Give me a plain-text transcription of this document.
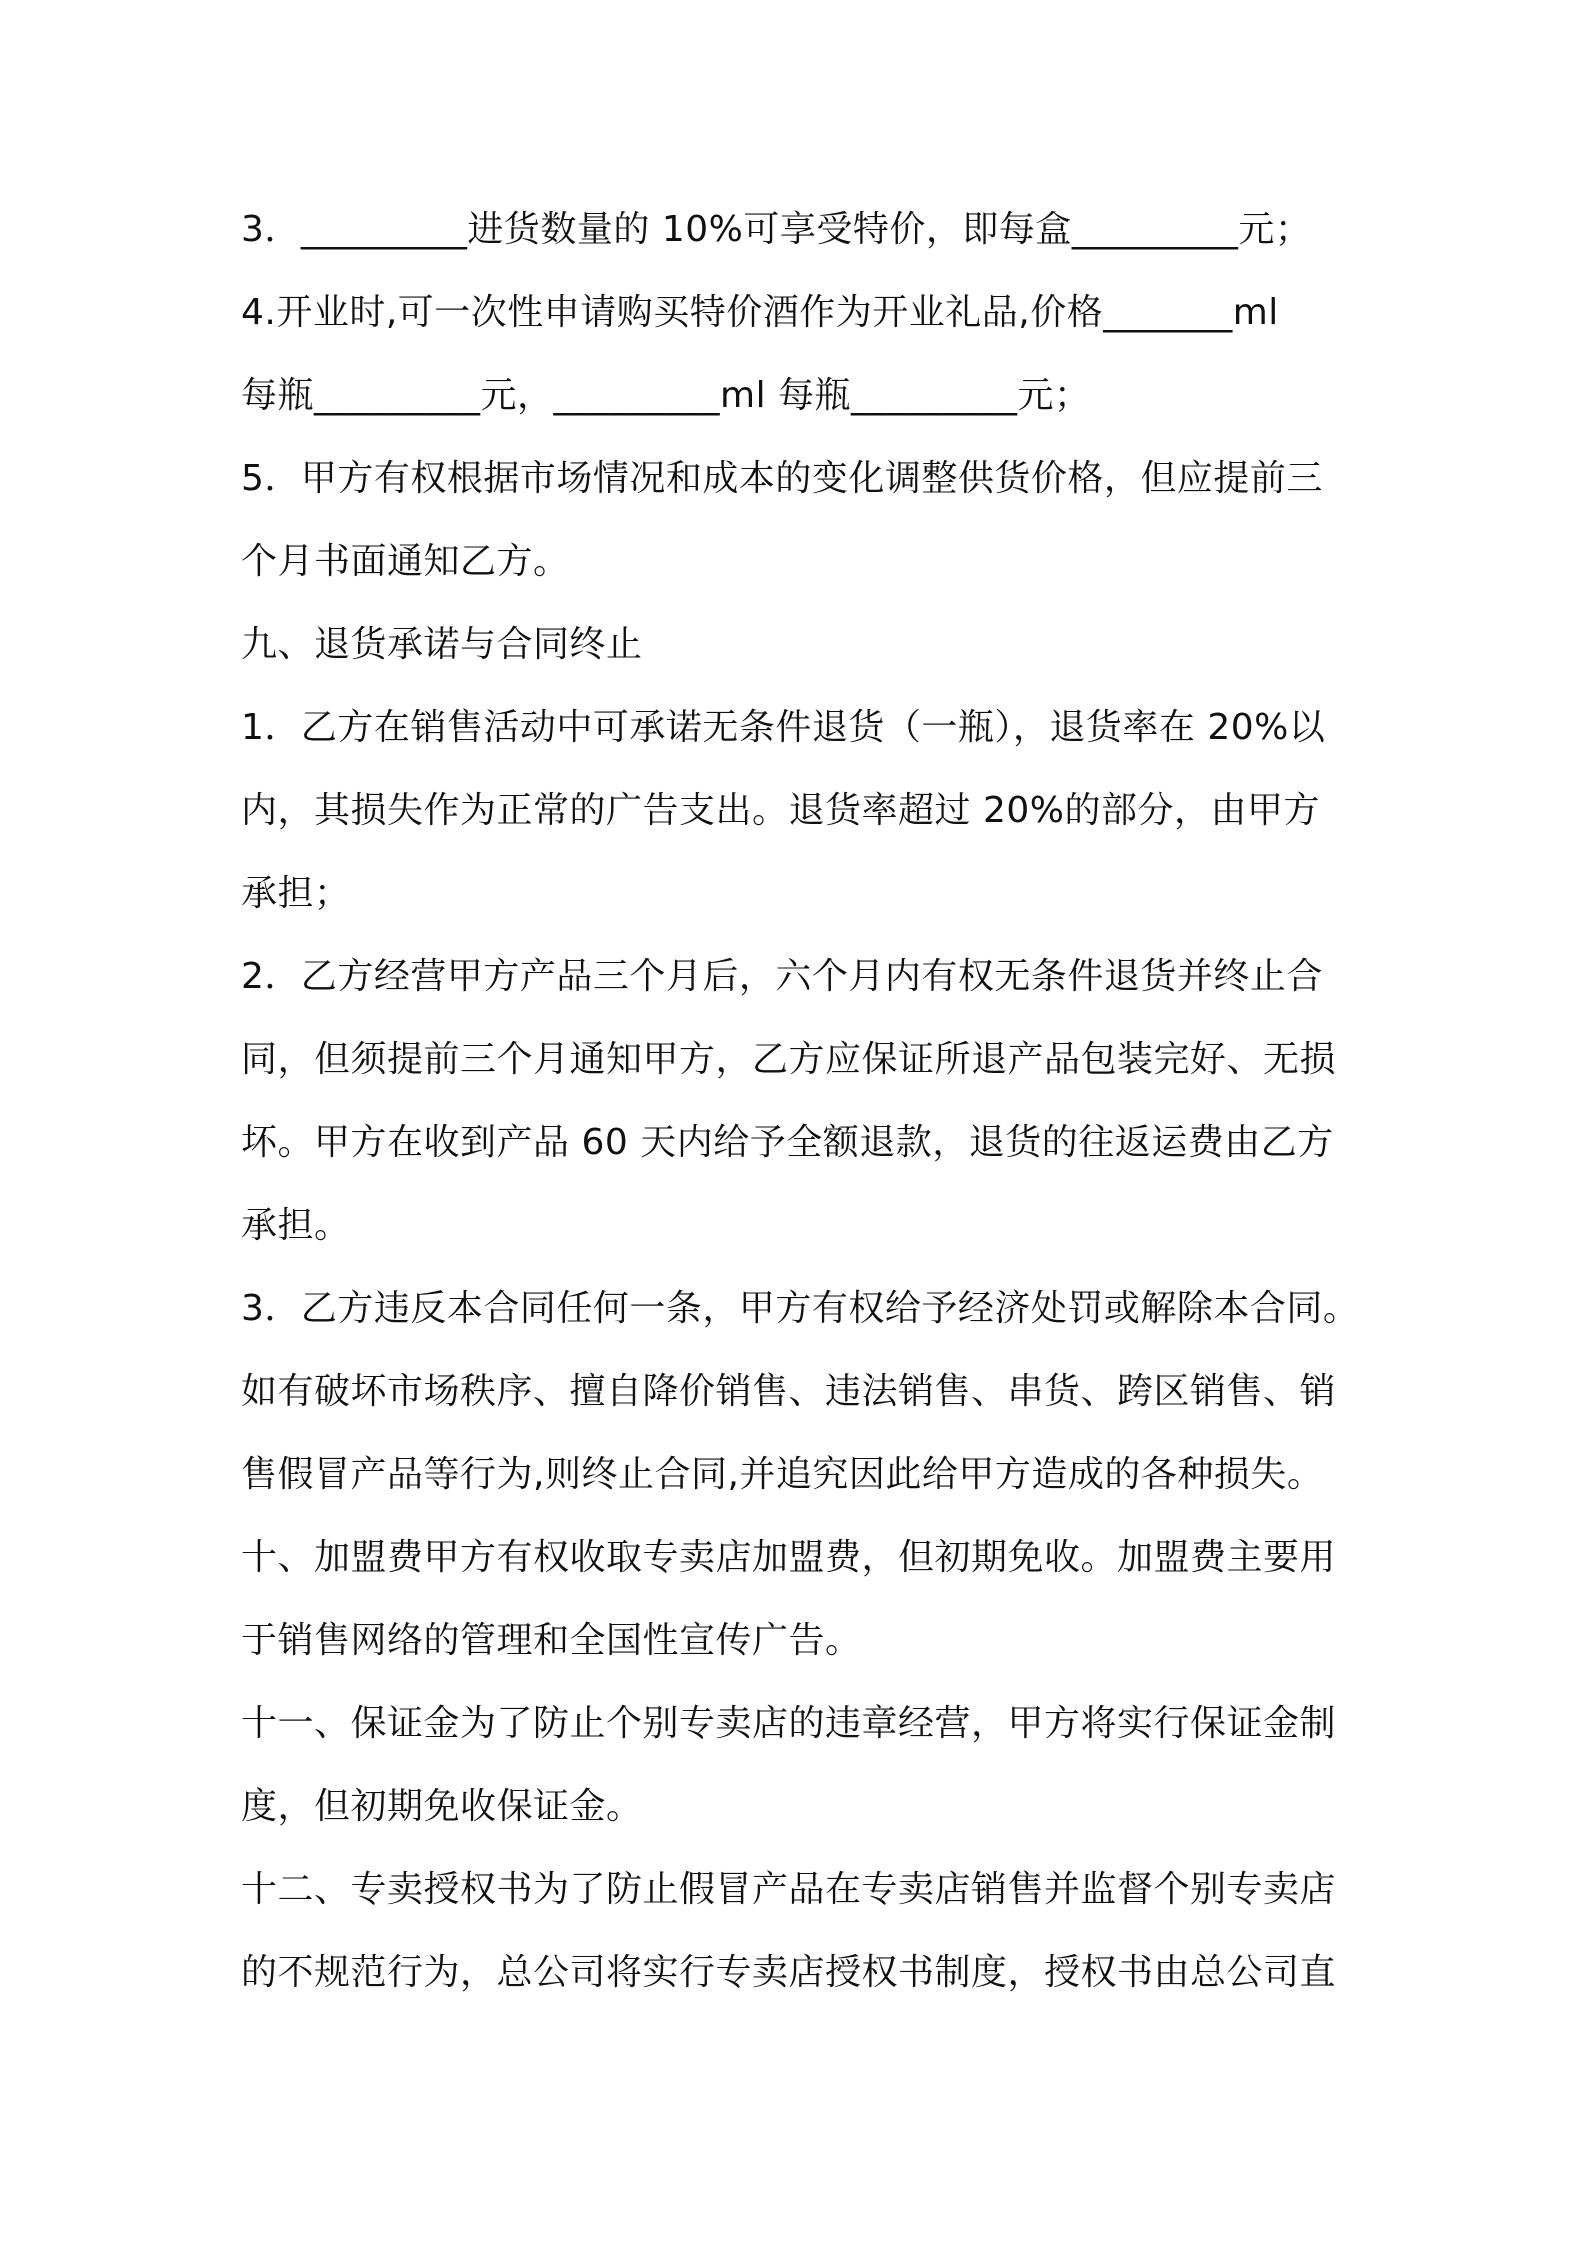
3．_________进货数量的 10%可享受特价，即每盒_________元；

4.开业时,可一次性申请购买特价酒作为开业礼品,价格_______ml

每瓶_________元，_________ml 每瓶_________元；

5．甲方有权根据市场情况和成本的变化调整供货价格，但应提前三

个月书面通知乙方。

九、退货承诺与合同终止

1．乙方在销售活动中可承诺无条件退货（一瓶），退货率在 20%以

内，其损失作为正常的广告支出。退货率超过 20%的部分，由甲方

承担；

2．乙方经营甲方产品三个月后，六个月内有权无条件退货并终止合

同，但须提前三个月通知甲方，乙方应保证所退产品包装完好、无损

坏。甲方在收到产品 60 天内给予全额退款，退货的往返运费由乙方

承担。

3．乙方违反本合同任何一条，甲方有权给予经济处罚或解除本合同。

如有破坏市场秩序、擅自降价销售、违法销售、串货、跨区销售、销

售假冒产品等行为,则终止合同,并追究因此给甲方造成的各种损失。

十、加盟费甲方有权收取专卖店加盟费，但初期免收。加盟费主要用

于销售网络的管理和全国性宣传广告。

十一、保证金为了防止个别专卖店的违章经营，甲方将实行保证金制

度，但初期免收保证金。

十二、专卖授权书为了防止假冒产品在专卖店销售并监督个别专卖店

的不规范行为，总公司将实行专卖店授权书制度，授权书由总公司直
